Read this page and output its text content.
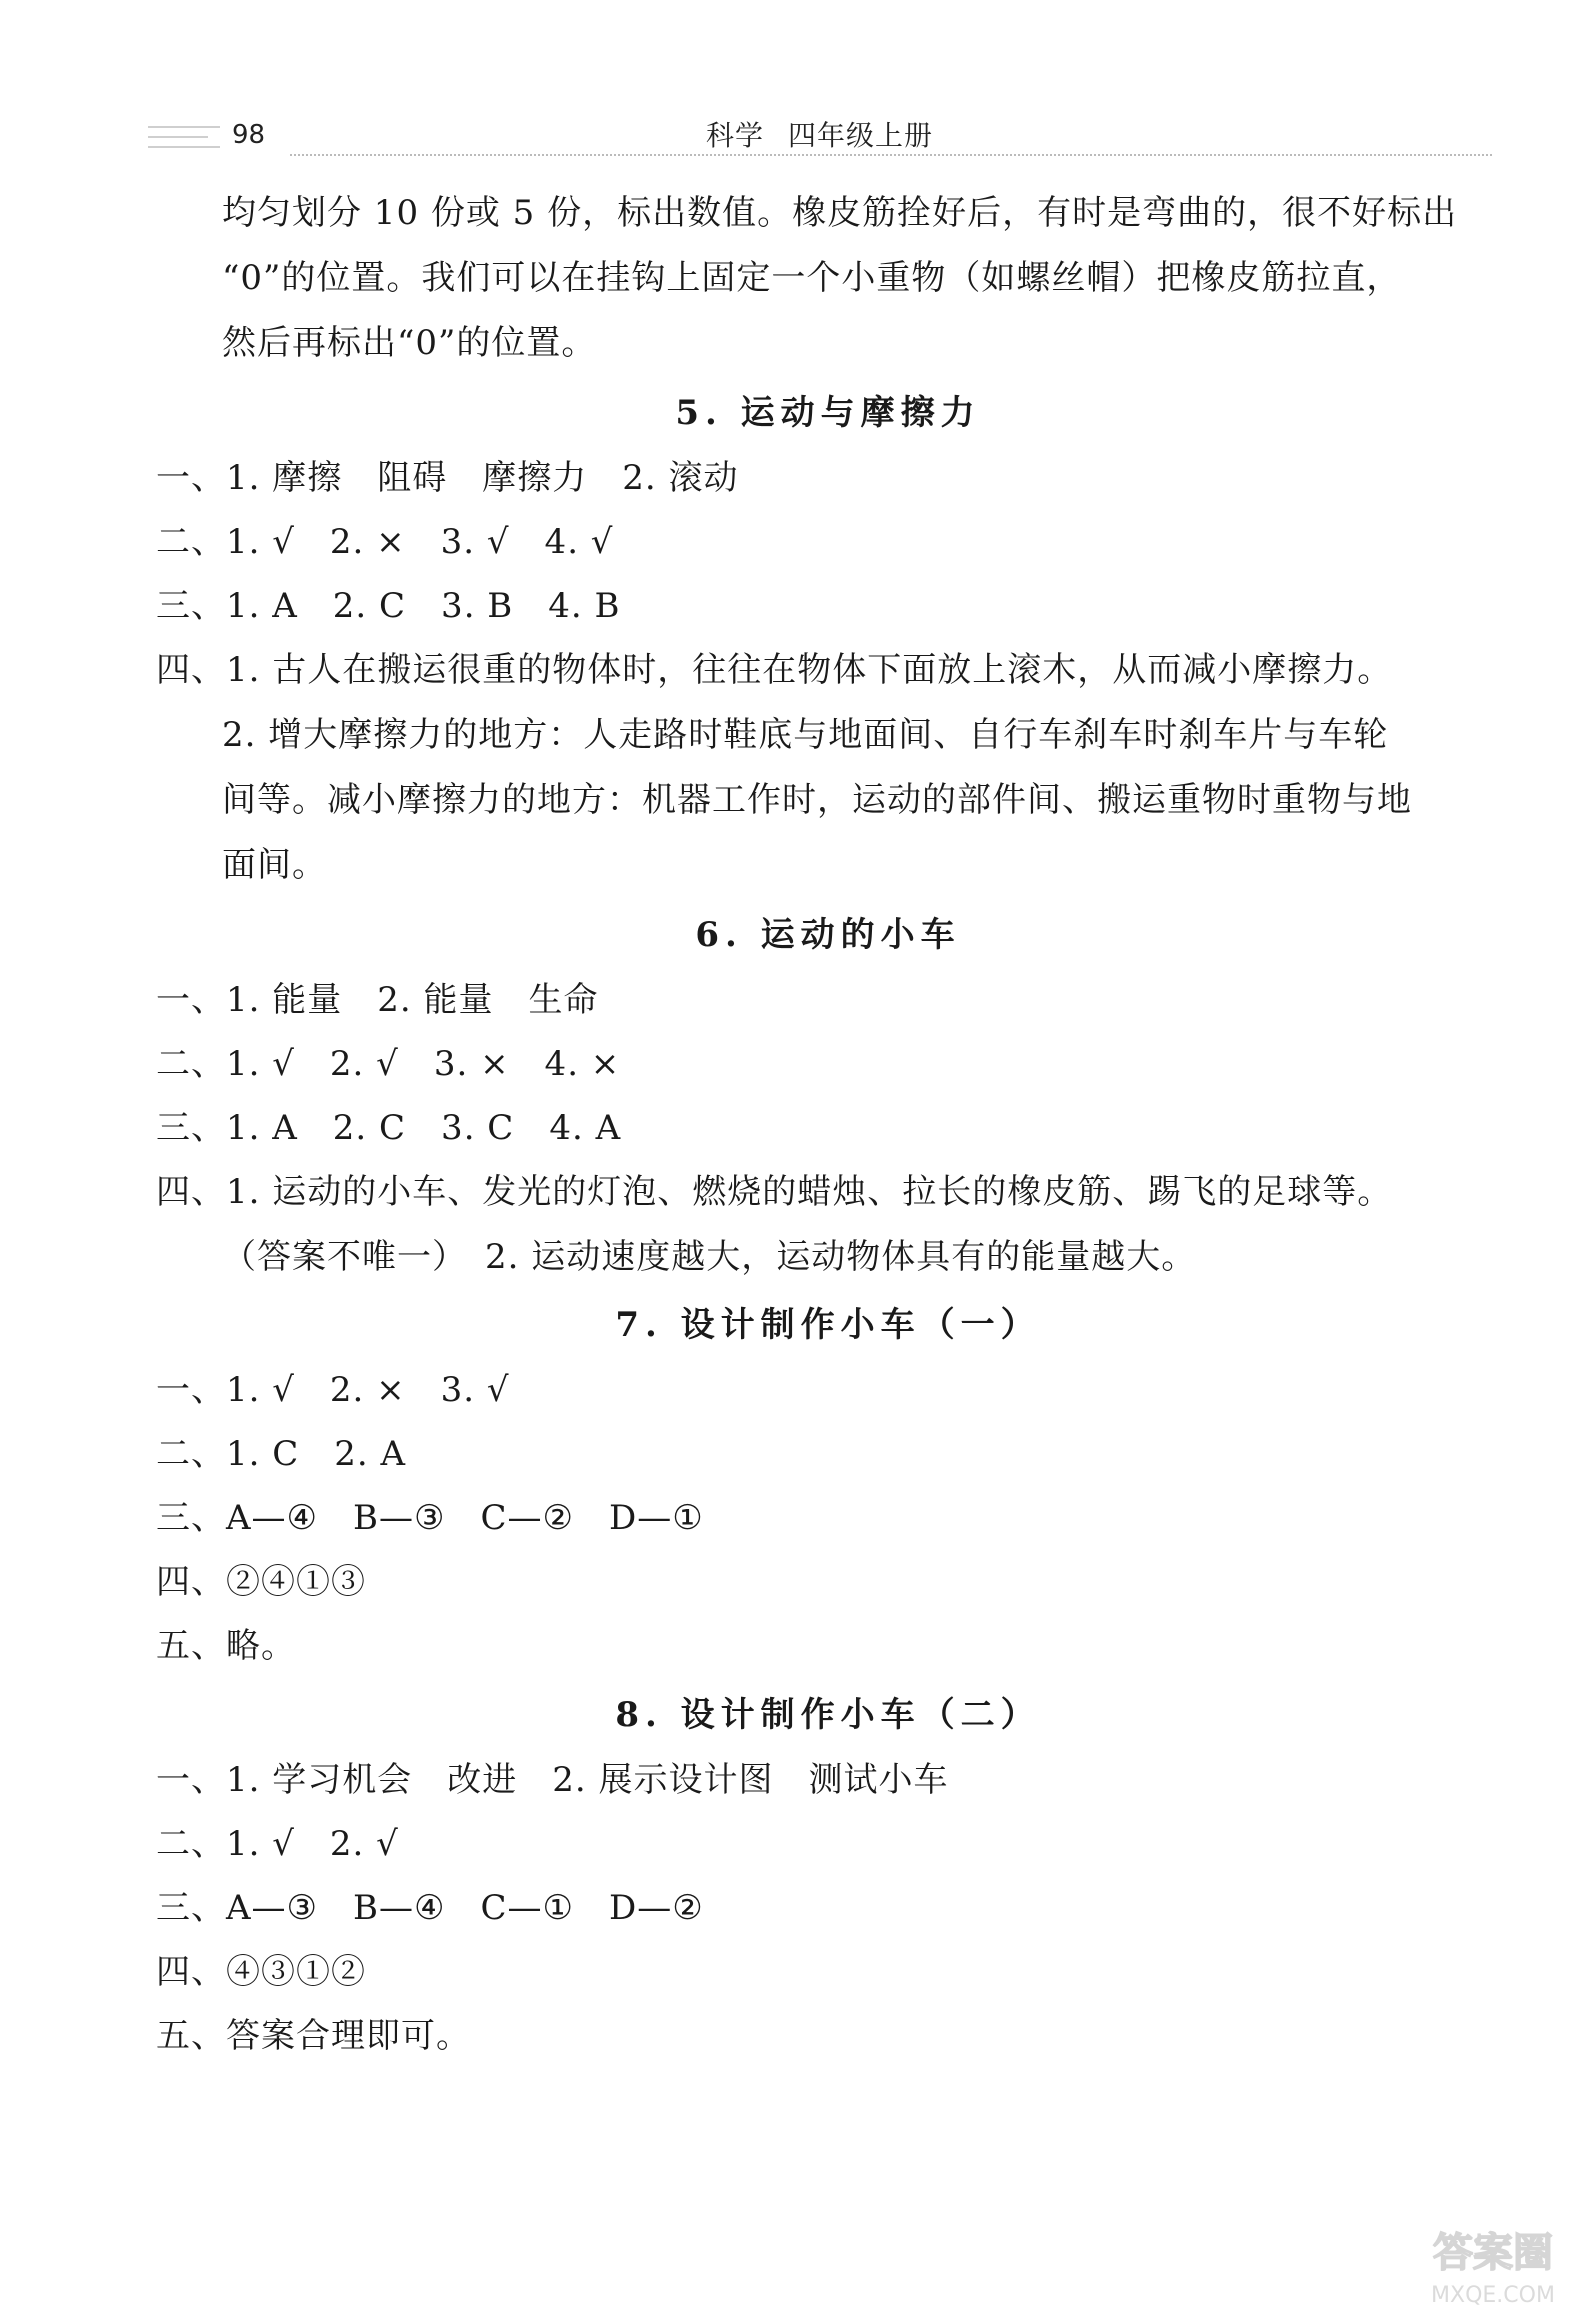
98	科学 四年级上册
均匀划分 10 份或 5 份，标出数值。橡皮筋拴好后，有时是弯曲的，很不好标出
“0”的位置。我们可以在挂钩上固定一个小重物（如螺丝帽）把橡皮筋拉直，
然后再标出“0”的位置。
5. 运动与摩擦力
一、1. 摩擦　阻碍　摩擦力　2. 滚动
二、1. √　2. ×　3. √　4. √
三、1. A　2. C　3. B　4. B
四、1. 古人在搬运很重的物体时，往往在物体下面放上滚木，从而减小摩擦力。
2. 增大摩擦力的地方：人走路时鞋底与地面间、自行车刹车时刹车片与车轮
间等。减小摩擦力的地方：机器工作时，运动的部件间、搬运重物时重物与地
面间。
6. 运动的小车
一、1. 能量　2. 能量　生命
二、1. √　2. √　3. ×　4. ×
三、1. A　2. C　3. C　4. A
四、1. 运动的小车、发光的灯泡、燃烧的蜡烛、拉长的橡皮筋、踢飞的足球等。
（答案不唯一）　2. 运动速度越大，运动物体具有的能量越大。
7. 设计制作小车（一）
一、1. √　2. ×　3. √
二、1. C　2. A
三、A—④　B—③　C—②　D—①
四、②④①③
五、略。
8. 设计制作小车（二）
一、1. 学习机会　改进　2. 展示设计图　测试小车
二、1. √　2. √
三、A—③　B—④　C—①　D—②
四、④③①②
五、答案合理即可。
答案圈
MXQE.COM
